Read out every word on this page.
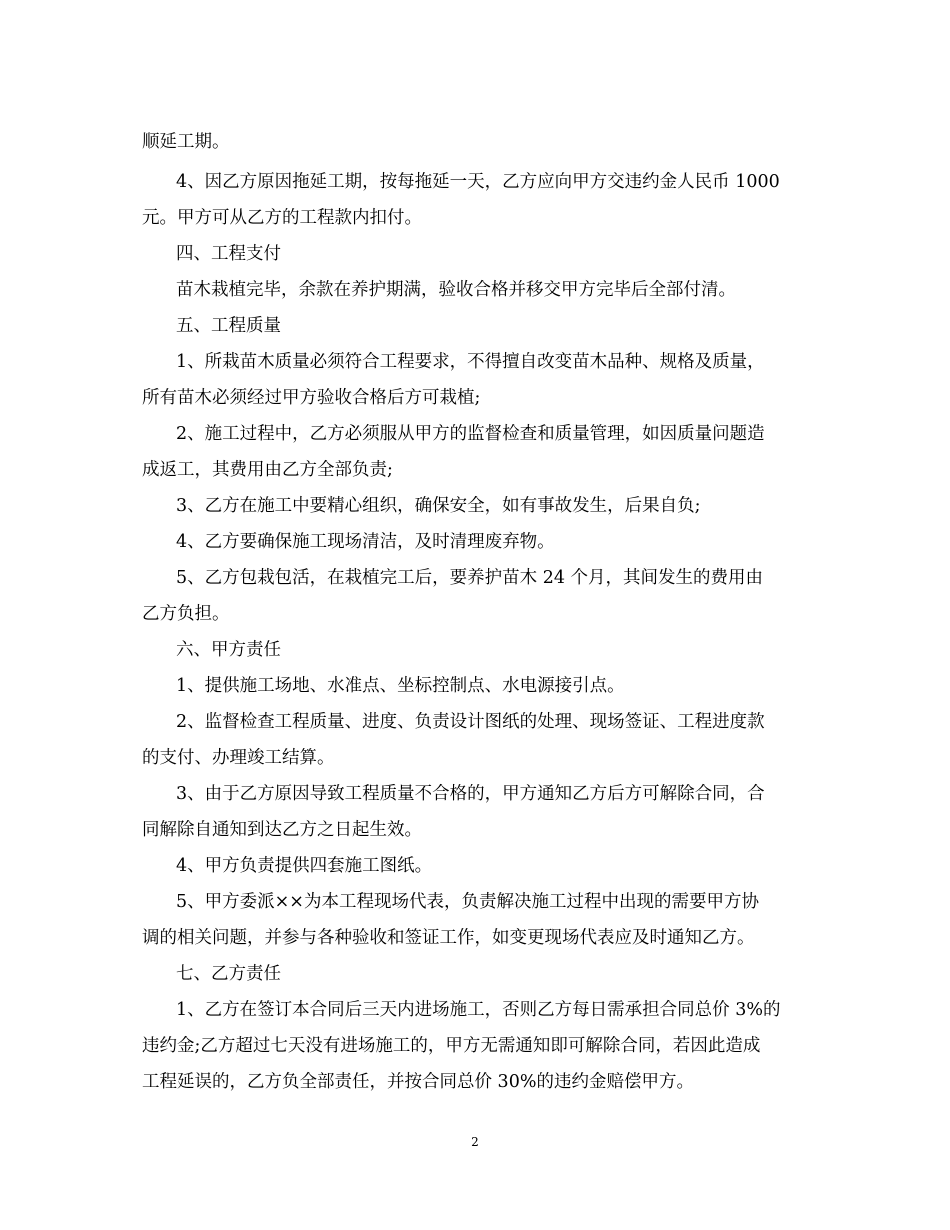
顺延工期。
4、因乙方原因拖延工期，按每拖延一天，乙方应向甲方交违约金人民币 1000
元。甲方可从乙方的工程款内扣付。
四、工程支付
苗木栽植完毕，余款在养护期满，验收合格并移交甲方完毕后全部付清。
五、工程质量
1、所栽苗木质量必须符合工程要求，不得擅自改变苗木品种、规格及质量，
所有苗木必须经过甲方验收合格后方可栽植;
2、施工过程中，乙方必须服从甲方的监督检查和质量管理，如因质量问题造
成返工，其费用由乙方全部负责;
3、乙方在施工中要精心组织，确保安全，如有事故发生，后果自负;
4、乙方要确保施工现场清洁，及时清理废弃物。
5、乙方包栽包活，在栽植完工后，要养护苗木 24 个月，其间发生的费用由
乙方负担。
六、甲方责任
1、提供施工场地、水准点、坐标控制点、水电源接引点。
2、监督检查工程质量、进度、负责设计图纸的处理、现场签证、工程进度款
的支付、办理竣工结算。
3、由于乙方原因导致工程质量不合格的，甲方通知乙方后方可解除合同，合
同解除自通知到达乙方之日起生效。
4、甲方负责提供四套施工图纸。
5、甲方委派××为本工程现场代表，负责解决施工过程中出现的需要甲方协
调的相关问题，并参与各种验收和签证工作，如变更现场代表应及时通知乙方。
七、乙方责任
1、乙方在签订本合同后三天内进场施工，否则乙方每日需承担合同总价 3%的
违约金;乙方超过七天没有进场施工的，甲方无需通知即可解除合同，若因此造成
工程延误的，乙方负全部责任，并按合同总价 30%的违约金赔偿甲方。
2
